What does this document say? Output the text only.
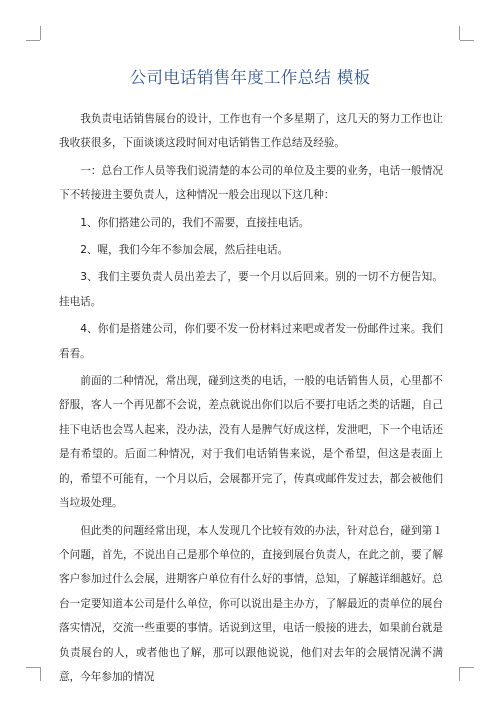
公司电话销售年度工作总结 模板

我负责电话销售展台的设计，工作也有一个多星期了，这几天的努力工作也让我收获很多，下面谈谈这段时间对电话销售工作总结及经验。

一：总台工作人员等我们说清楚的本公司的单位及主要的业务，电话一般情况下不转接进主要负责人，这种情况一般会出现以下这几种：

1、你们搭建公司的，我们不需要，直接挂电话。

2、喔，我们今年不参加会展，然后挂电话。

3、我们主要负责人员出差去了，要一个月以后回来。别的一切不方便告知。挂电话。

4、你们是搭建公司，你们要不发一份材料过来吧或者发一份邮件过来。我们看看。

前面的二种情况，常出现，碰到这类的电话，一般的电话销售人员，心里都不舒服，客人一个再见都不会说，差点就说出你们以后不要打电话之类的话题，自己挂下电话也会骂人起来，没办法，没有人是脾气好成这样，发泄吧，下一个电话还是有希望的。后面二种情况，对于我们电话销售来说，是个希望，但这是表面上的，希望不可能有，一个月以后，会展都开完了，传真或邮件发过去，都会被他们当垃圾处理。

但此类的问题经常出现，本人发现几个比较有效的办法，针对总台，碰到第１个问题，首先，不说出自己是那个单位的，直接到展台负责人，在此之前，要了解客户参加过什么会展，进期客户单位有什么好的事情，总知，了解越详细越好。总台一定要知道本公司是什么单位，你可以说出是主办方，了解最近的责单位的展台落实情况，交流一些重要的事情。话说到这里，电话一般接的进去，如果前台就是负责展台的人，或者他也了解，那可以跟他说说，他们对去年的会展情况满不满意，今年参加的情况
